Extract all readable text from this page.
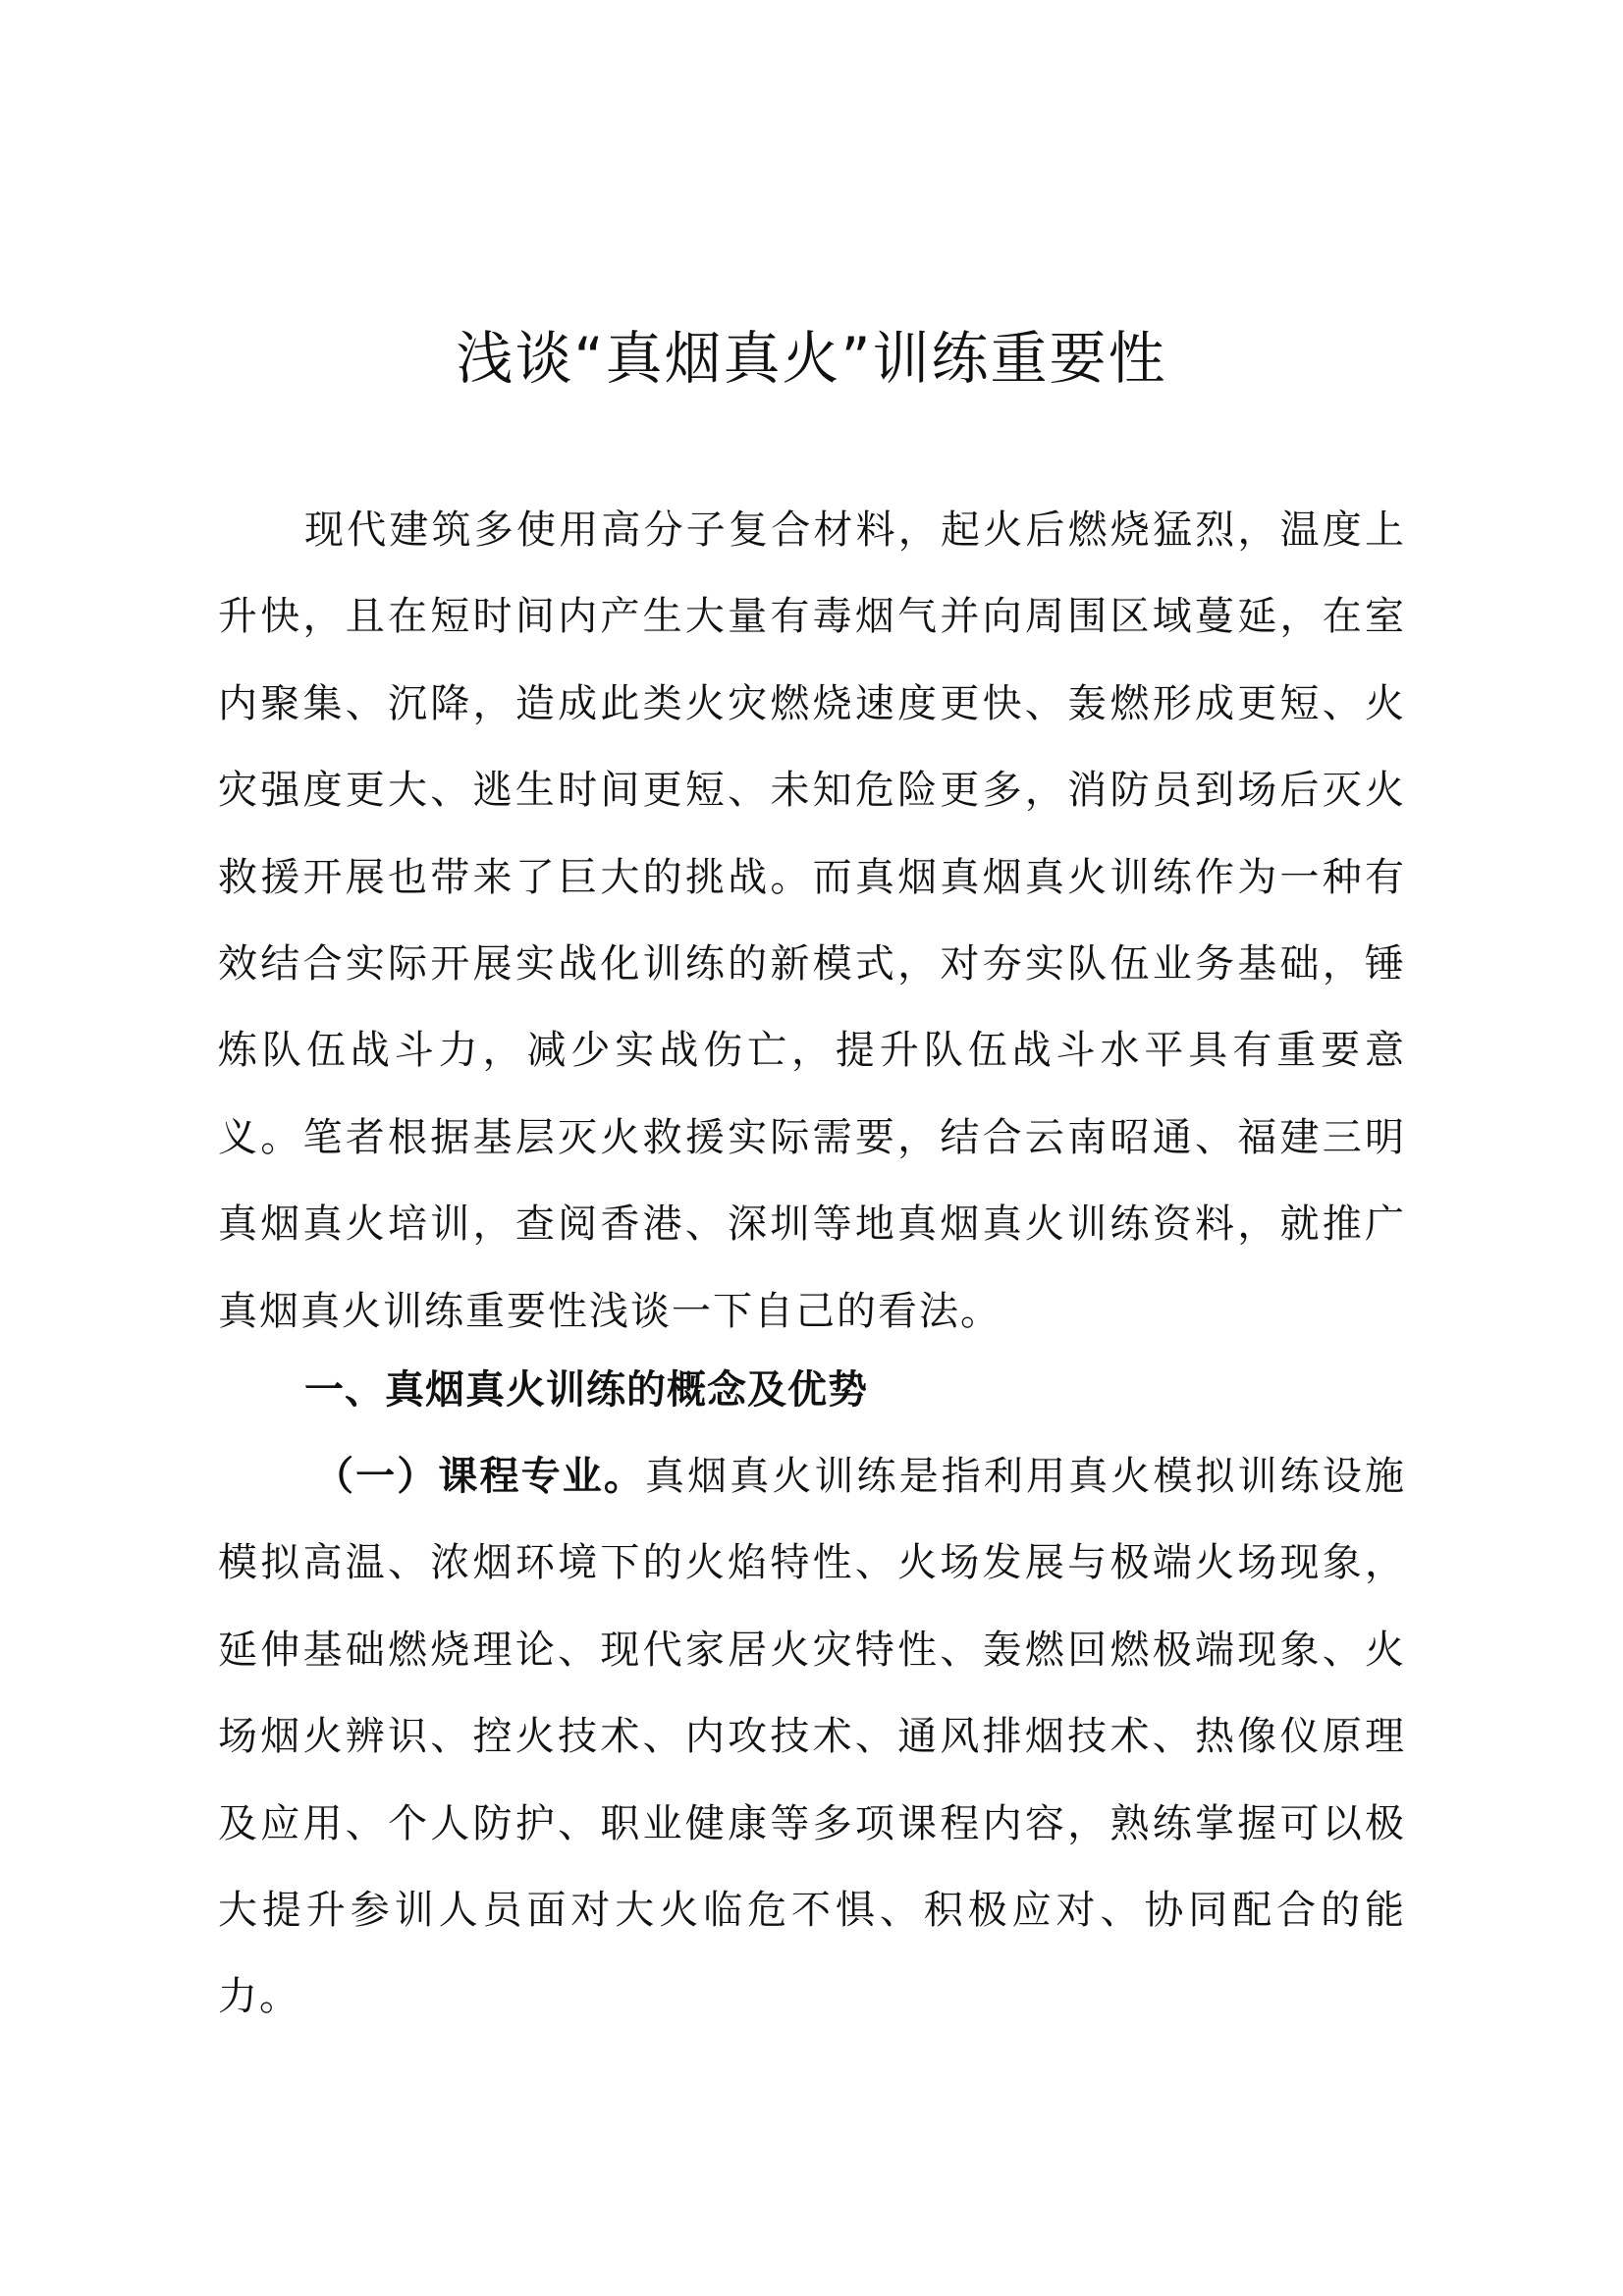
浅谈“真烟真火”训练重要性

现代建筑多使用高分子复合材料，起火后燃烧猛烈，温度上升快，且在短时间内产生大量有毒烟气并向周围区域蔓延，在室内聚集、沉降，造成此类火灾燃烧速度更快、轰燃形成更短、火灾强度更大、逃生时间更短、未知危险更多，消防员到场后灭火救援开展也带来了巨大的挑战。而真烟真烟真火训练作为一种有效结合实际开展实战化训练的新模式，对夯实队伍业务基础，锤炼队伍战斗力，减少实战伤亡，提升队伍战斗水平具有重要意义。笔者根据基层灭火救援实际需要，结合云南昭通、福建三明真烟真火培训，查阅香港、深圳等地真烟真火训练资料，就推广真烟真火训练重要性浅谈一下自己的看法。

一、真烟真火训练的概念及优势

（一）课程专业。真烟真火训练是指利用真火模拟训练设施模拟高温、浓烟环境下的火焰特性、火场发展与极端火场现象，延伸基础燃烧理论、现代家居火灾特性、轰燃回燃极端现象、火场烟火辨识、控火技术、内攻技术、通风排烟技术、热像仪原理及应用、个人防护、职业健康等多项课程内容，熟练掌握可以极大提升参训人员面对大火临危不惧、积极应对、协同配合的能力。
